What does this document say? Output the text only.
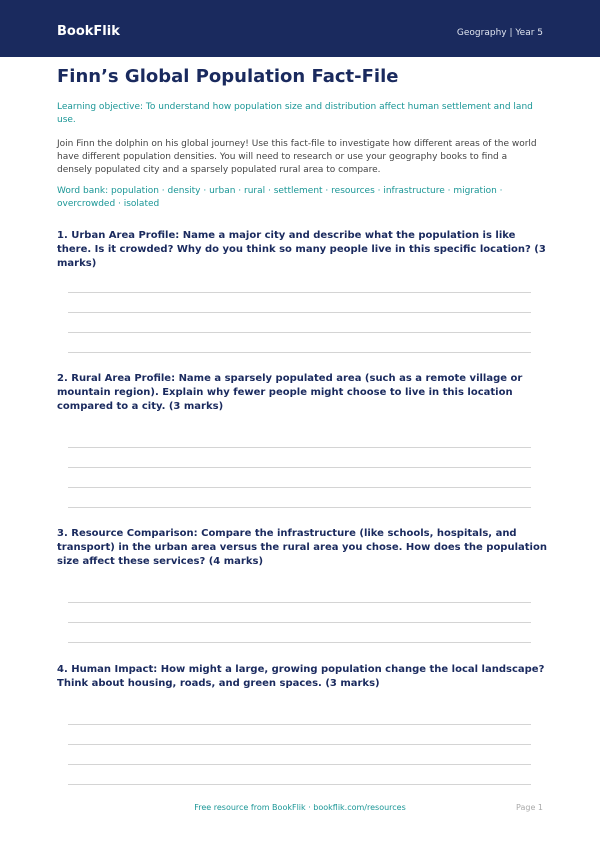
BookFlik	Geography | Year 5
Finn’s Global Population Fact-File
Learning objective: To understand how population size and distribution affect human settlement and land use.
Join Finn the dolphin on his global journey! Use this fact-file to investigate how different areas of the world have different population densities. You will need to research or use your geography books to find a densely populated city and a sparsely populated rural area to compare.
Word bank: population · density · urban · rural · settlement · resources · infrastructure · migration · overcrowded · isolated
1. Urban Area Profile: Name a major city and describe what the population is like there. Is it crowded? Why do you think so many people live in this specific location? (3 marks)
2. Rural Area Profile: Name a sparsely populated area (such as a remote village or mountain region). Explain why fewer people might choose to live in this location compared to a city. (3 marks)
3. Resource Comparison: Compare the infrastructure (like schools, hospitals, and transport) in the urban area versus the rural area you chose. How does the population size affect these services? (4 marks)
4. Human Impact: How might a large, growing population change the local landscape? Think about housing, roads, and green spaces. (3 marks)
Free resource from BookFlik · bookflik.com/resources	Page 1
